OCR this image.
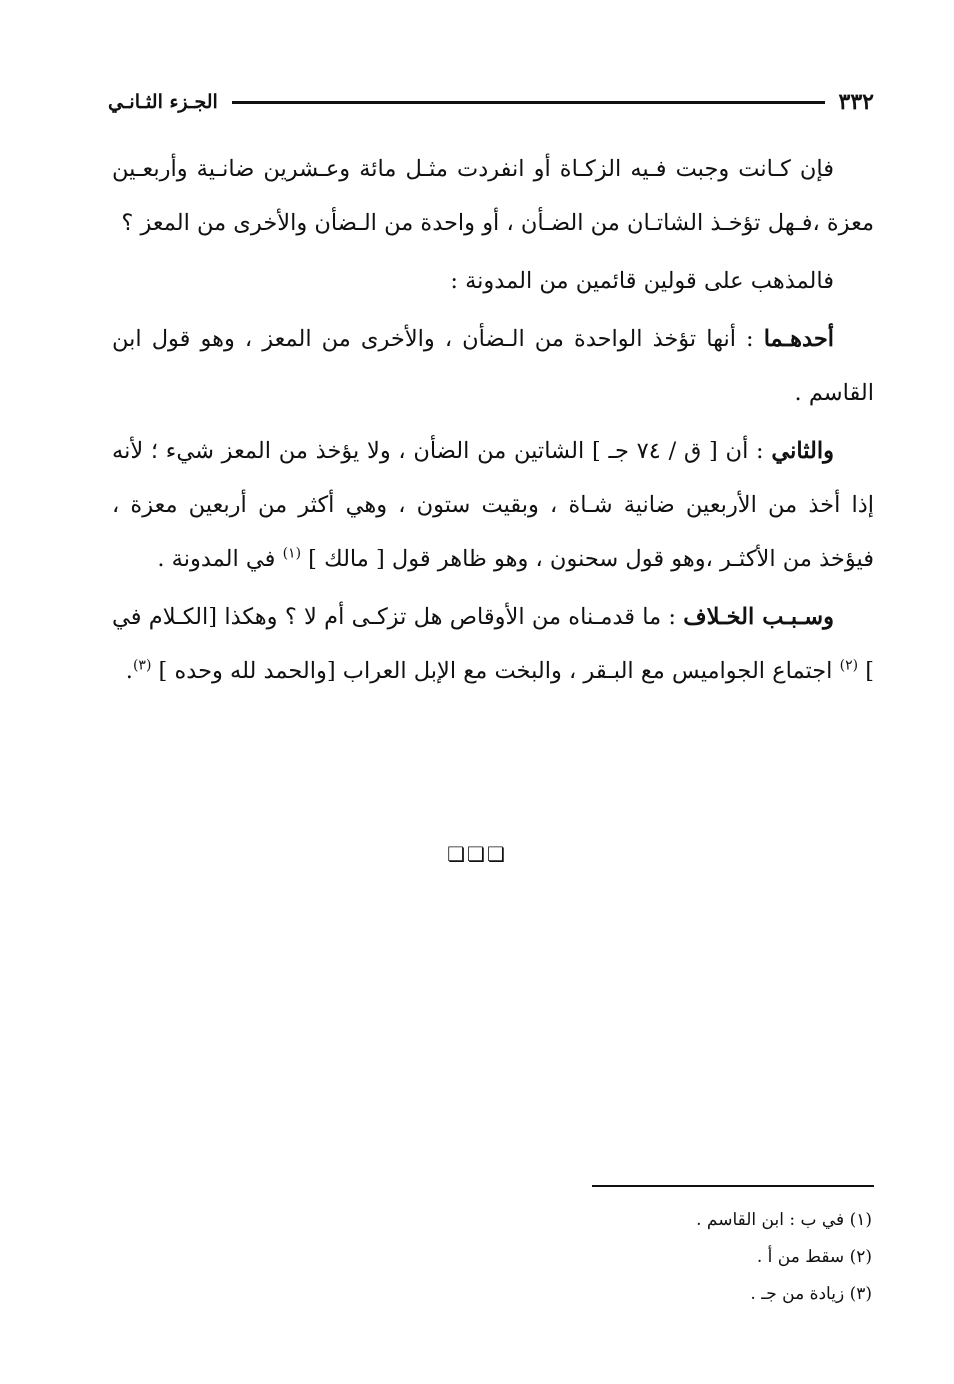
٣٣٢
الجـزء الثـانـي

فإن كـانت وجبت فـيه الزكـاة أو انفردت مثـل مائة وعـشرين ضانـية وأربعـين معزة ،فـهل تؤخـذ الشاتـان من الضـأن ، أو واحدة من الـضأن والأخرى من المعز ؟

فالمذهب على قولين قائمين من المدونة :

أحدهـما : أنها تؤخذ الواحدة من الـضأن ، والأخرى من المعز ، وهو قول ابن القاسم .

والثاني : أن [ ق / ٧٤ جـ ] الشاتين من الضأن ، ولا يؤخذ من المعز شيء ؛ لأنه إذا أخذ من الأربعين ضانية شـاة ، وبقيت ستون ، وهي أكثر من أربعين معزة ، فيؤخذ من الأكثـر ،وهو قول سحنون ، وهو ظاهر قول [ مالك ] $^{(١)}$ في المدونة .

وسـبـب الخـلاف : ما قدمـناه من الأوقاص هل تزكـى أم لا ؟ وهكذا [الكـلام في ] $^{(٢)}$ اجتماع الجواميس مع البـقر ، والبخت مع الإبل العراب [والحمد لله وحده ] $^{(٣)}$.

❏❏❏

(١) في ب : ابن القاسم .

(٢) سقط من أ .

(٣) زيادة من جـ .
